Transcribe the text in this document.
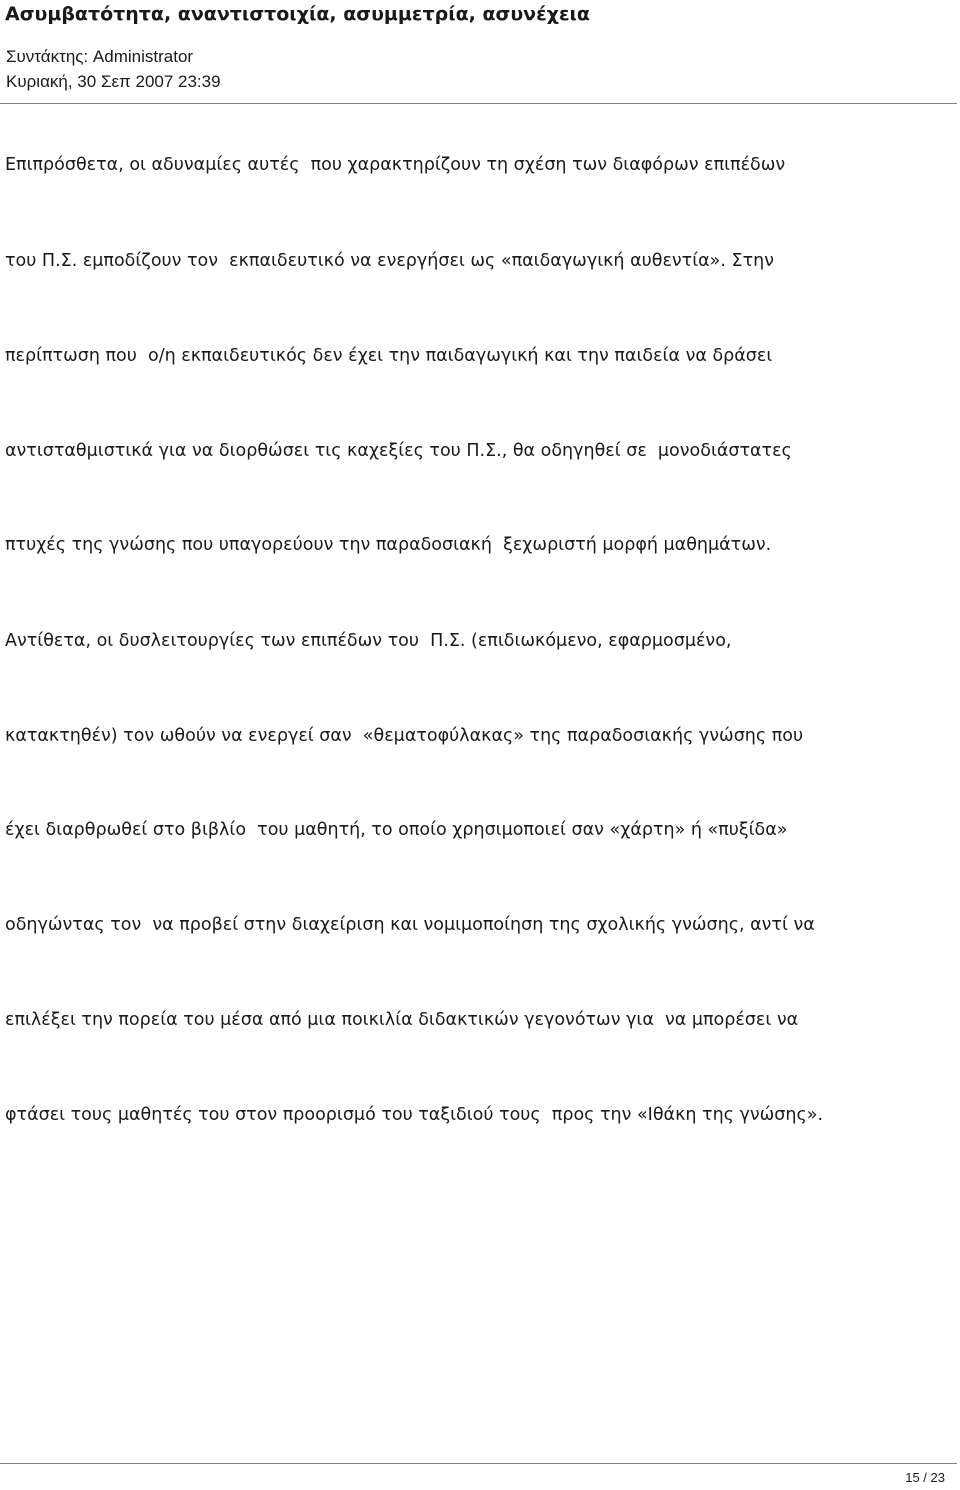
Ασυμβατότητα, αναντιστοιχία, ασυμμετρία, ασυνέχεια
Συντάκτης: Administrator
Κυριακή, 30 Σεπ 2007 23:39
Επιπρόσθετα, οι αδυναμίες αυτές  που χαρακτηρίζουν τη σχέση των διαφόρων επιπέδων
του Π.Σ. εμποδίζουν τον  εκπαιδευτικό να ενεργήσει ως «παιδαγωγική αυθεντία». Στην
περίπτωση που  ο/η εκπαιδευτικός δεν έχει την παιδαγωγική και την παιδεία να δράσει
αντισταθμιστικά για να διορθώσει τις καχεξίες του Π.Σ., θα οδηγηθεί σε  μονοδιάστατες
πτυχές της γνώσης που υπαγορεύουν την παραδοσιακή  ξεχωριστή μορφή μαθημάτων.
Αντίθετα, οι δυσλειτουργίες των επιπέδων του  Π.Σ. (επιδιωκόμενο, εφαρμοσμένο,
κατακτηθέν) τον ωθούν να ενεργεί σαν  «θεματοφύλακας» της παραδοσιακής γνώσης που
έχει διαρθρωθεί στο βιβλίο  του μαθητή, το οποίο χρησιμοποιεί σαν «χάρτη» ή «πυξίδα»
οδηγώντας τον  να προβεί στην διαχείριση και νομιμοποίηση της σχολικής γνώσης, αντί να
επιλέξει την πορεία του μέσα από μια ποικιλία διδακτικών γεγονότων για  να μπορέσει να
φτάσει τους μαθητές του στον προορισμό του ταξιδιού τους  προς την «Ιθάκη της γνώσης».
15 / 23
